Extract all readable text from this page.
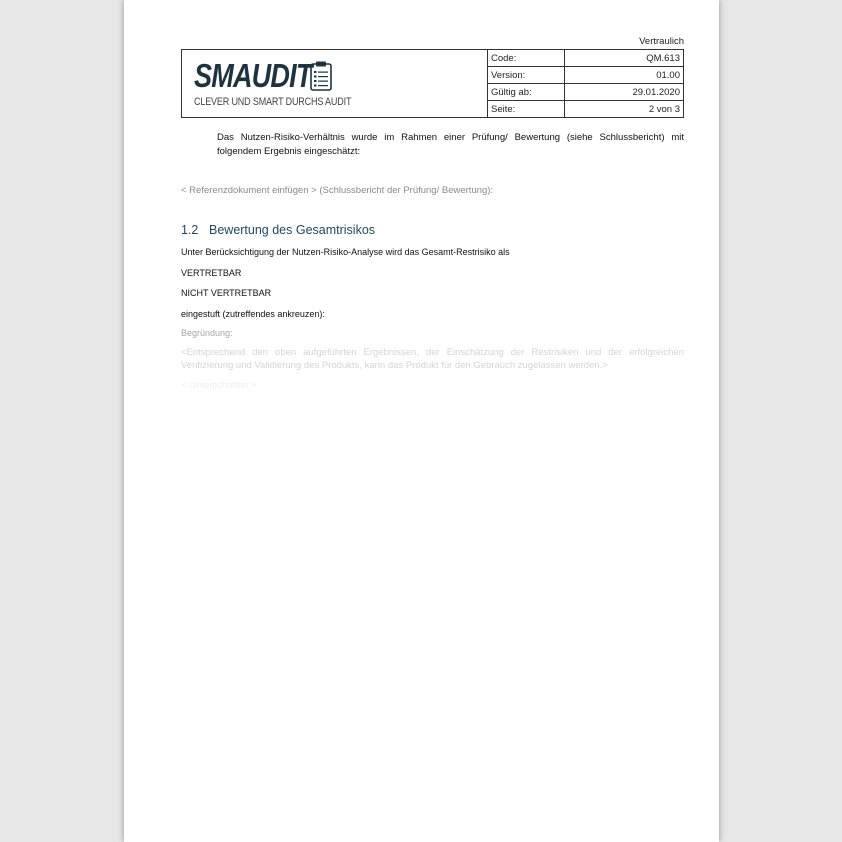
Vertraulich
SMAUDIT
CLEVER UND SMART DURCHS AUDIT	Code:	QM.613
	Version:	01.00
	Gültig ab:	29.01.2020
	Seite:	2 von 3
Das Nutzen-Risiko-Verhältnis wurde im Rahmen einer Prüfung/ Bewertung (siehe Schlussbericht) mit folgendem Ergebnis eingeschätzt:
< Referenzdokument einfügen > (Schlussbericht der Prüfung/ Bewertung):
1.2 Bewertung des Gesamtrisikos
Unter Berücksichtigung der Nutzen-Risiko-Analyse wird das Gesamt-Restrisiko als
VERTRETBAR
NICHT VERTRETBAR
eingestuft (zutreffendes ankreuzen):
Begründung:
<Entsprechend den oben aufgeführten Ergebnissen, der Einschätzung der Restrisiken und der erfolgreichen Verifizierung und Validierung des Produkts, kann das Produkt für den Gebrauch zugelassen werden.>
< Unterschriften >
